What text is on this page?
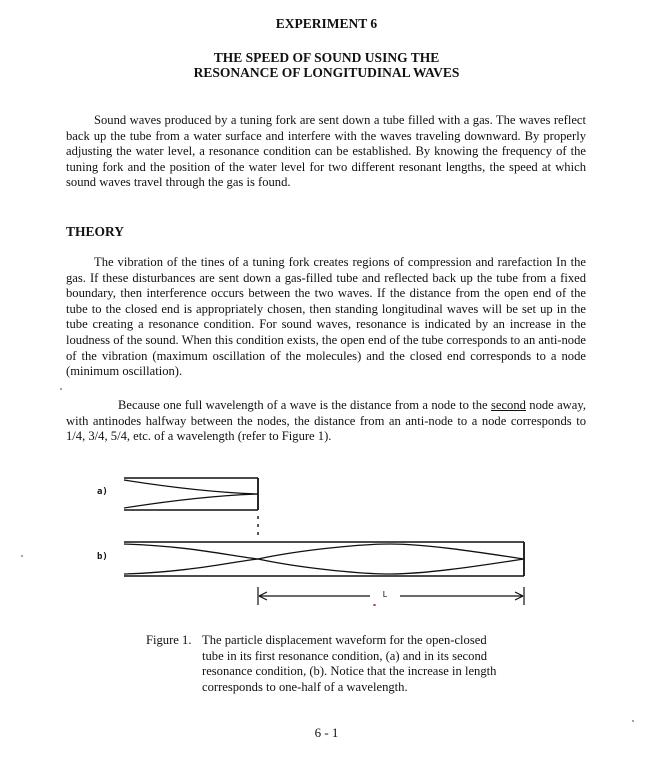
EXPERIMENT 6
THE SPEED OF SOUND USING THE
RESONANCE OF LONGITUDINAL WAVES

Sound waves produced by a tuning fork are sent down a tube filled with a gas. The waves reflect back up the tube from a water surface and interfere with the waves traveling downward. By properly adjusting the water level, a resonance condition can be established. By knowing the frequency of the tuning fork and the position of the water level for two different resonant lengths, the speed at which sound waves travel through the gas is found.

THEORY

The vibration of the tines of a tuning fork creates regions of compression and rarefaction In the gas. If these disturbances are sent down a gas-filled tube and reflected back up the tube from a fixed boundary, then interference occurs between the two waves. If the distance from the open end of the tube to the closed end is appropriately chosen, then standing longitudinal waves will be set up in the tube creating a resonance condition. For sound waves, resonance is indicated by an increase in the loudness of the sound. When this condition exists, the open end of the tube corresponds to an anti-node of the vibration (maximum oscillation of the molecules) and the closed end corresponds to a node (minimum oscillation).

Because one full wavelength of a wave is the distance from a node to the second node away, with antinodes halfway between the nodes, the distance from an anti-node to a node corresponds to 1/4, 3/4, 5/4, etc. of a wavelength (refer to Figure 1).

a)
b)
L
Figure 1. The particle displacement waveform for the open-closed
tube in its first resonance condition, (a) and in its second resonance condition, (b). Notice that the increase in length corresponds to one-half of a wavelength.
6 - 1
